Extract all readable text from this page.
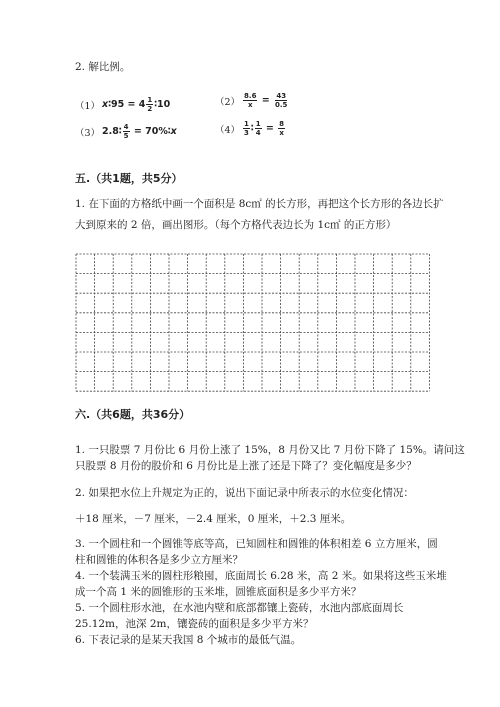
2. 解比例。
（1） x∶95 = $4 \frac{1}{2}$ ∶10	$(2) \frac{8.6}{x} = \frac{43}{0.5}$
（3） 2.8∶ $\frac{4}{5}$ = 70%∶x	$(4) \frac{1}{3}$ ∶ $\frac{1}{4} = \frac{8}{x}$
五.（共1题，共5分）
1. 在下面的方格纸中画一个面积是 8c㎡ 的长方形，再把这个长方形的各边长扩
大到原来的 2 倍，画出图形。（每个方格代表边长为 1c㎡ 的正方形）
六.（共6题，共36分）
1. 一只股票 7 月份比 6 月份上涨了 15%，8 月份又比 7 月份下降了 15%。请问这
只股票 8 月份的股价和 6 月份比是上涨了还是下降了？变化幅度是多少？
2. 如果把水位上升规定为正的，说出下面记录中所表示的水位变化情况：
＋18 厘米，－7 厘米，－2.4 厘米，0 厘米，＋2.3 厘米。
3. 一个圆柱和一个圆锥等底等高，已知圆柱和圆锥的体积相差 6 立方厘米，圆
柱和圆锥的体积各是多少立方厘米？
4. 一个装满玉米的圆柱形粮囤，底面周长 6.28 米，高 2 米。如果将这些玉米堆
成一个高 1 米的圆锥形的玉米堆，圆锥底面积是多少平方米？
5. 一个圆柱形水池，在水池内壁和底部都镶上瓷砖，水池内部底面周长
25.12m，池深 2m，镶瓷砖的面积是多少平方米？
6. 下表记录的是某天我国 8 个城市的最低气温。
